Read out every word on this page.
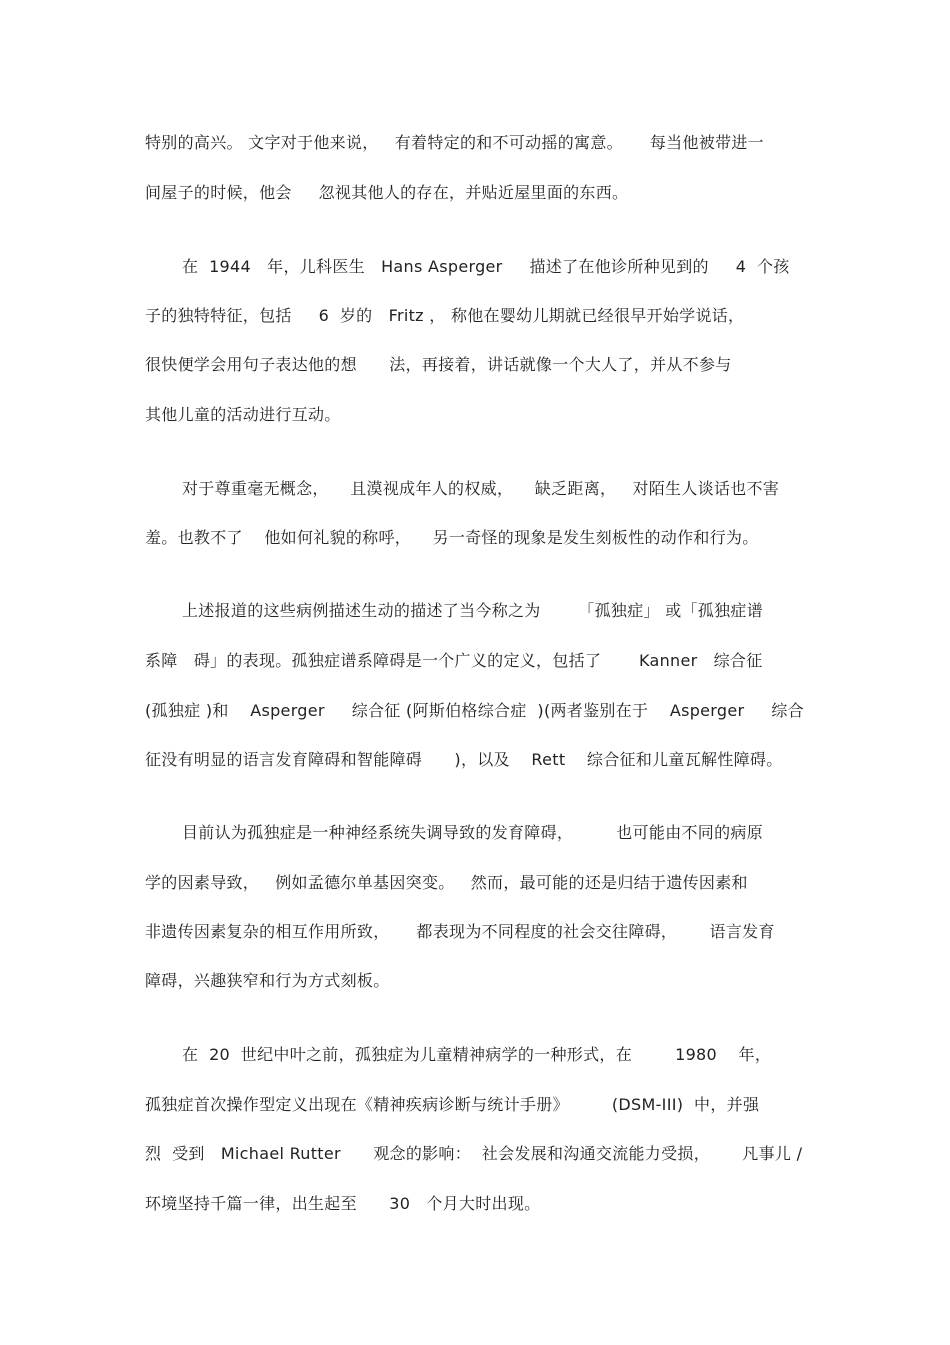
特别的高兴。 文字对于他来说，   有着特定的和不可动摇的寓意。     每当他被带进一
间屋子的时候，他会     忽视其他人的存在，并贴近屋里面的东西。
在  1944   年，儿科医生   Hans Asperger     描述了在他诊所种见到的     4  个孩
子的独特特征，包括     6  岁的   Fritz ， 称他在婴幼儿期就已经很早开始学说话，
很快便学会用句子表达他的想      法，再接着，讲话就像一个大人了，并从不参与
其他儿童的活动进行互动。
对于尊重毫无概念，    且漠视成年人的权威，    缺乏距离，   对陌生人谈话也不害
羞。也教不了    他如何礼貌的称呼，    另一奇怪的现象是发生刻板性的动作和行为。
上述报道的这些病例描述生动的描述了当今称之为       「孤独症」 或「孤独症谱
系障   碍」的表现。孤独症谱系障碍是一个广义的定义，包括了       Kanner   综合征
(孤独症 )和    Asperger     综合征 (阿斯伯格综合症  )(两者鉴别在于    Asperger     综合
征没有明显的语言发育障碍和智能障碍      )，以及    Rett    综合征和儿童瓦解性障碍。
目前认为孤独症是一种神经系统失调导致的发育障碍，        也可能由不同的病原
学的因素导致，   例如孟德尔单基因突变。   然而，最可能的还是归结于遗传因素和
非遗传因素复杂的相互作用所致，     都表现为不同程度的社会交往障碍，      语言发育
障碍，兴趣狭窄和行为方式刻板。
在  20  世纪中叶之前，孤独症为儿童精神病学的一种形式，在        1980    年，
孤独症首次操作型定义出现在《精神疾病诊断与统计手册》        (DSM-III)  中，并强
烈  受到   Michael Rutter      观念的影响：  社会发展和沟通交流能力受损，      凡事儿 /
环境坚持千篇一律，出生起至      30   个月大时出现。
